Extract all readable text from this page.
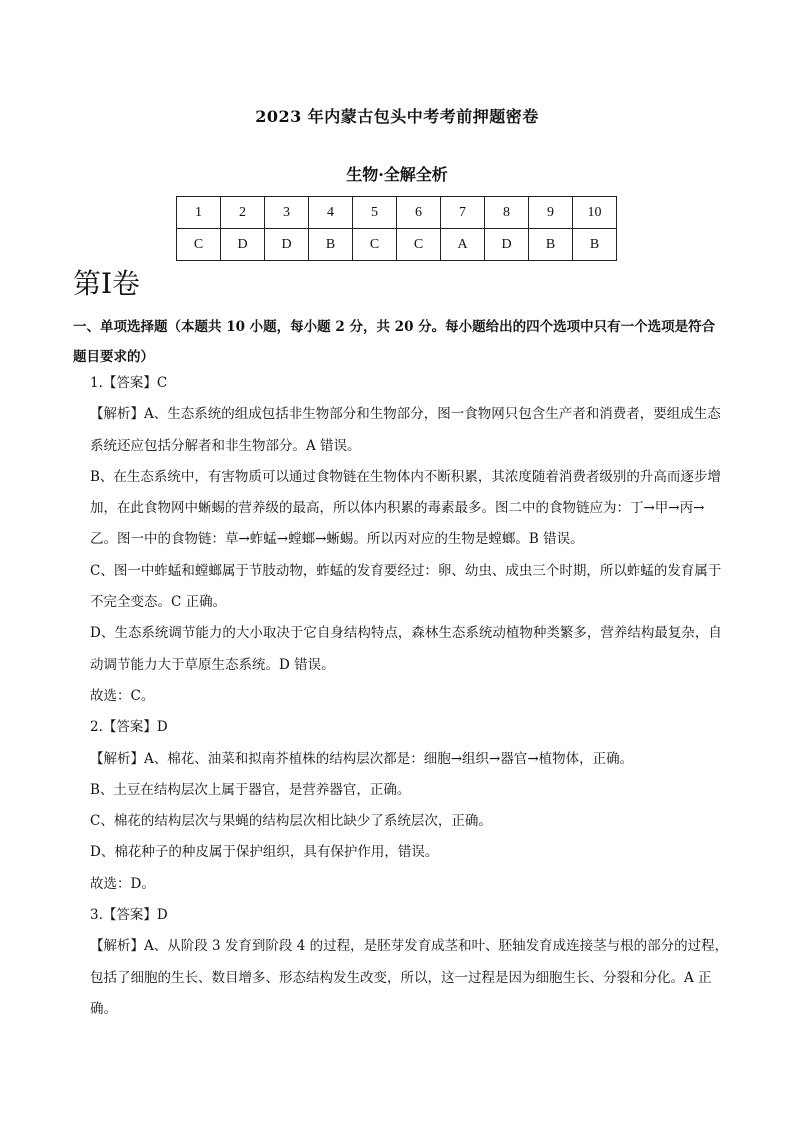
2023 年内蒙古包头中考考前押题密卷
生物·全解全析
1	2	3	4	5	6	7	8	9	10
C	D	D	B	C	C	A	D	B	B
第Ⅰ卷
一、单项选择题（本题共 10 小题，每小题 2 分，共 20 分。每小题给出的四个选项中只有一个选项是符合题目要求的）

1.【答案】C

【解析】A、生态系统的组成包括非生物部分和生物部分，图一食物网只包含生产者和消费者，要组成生态系统还应包括分解者和非生物部分。A 错误。

B、在生态系统中，有害物质可以通过食物链在生物体内不断积累，其浓度随着消费者级别的升高而逐步增加，在此食物网中蜥蜴的营养级的最高，所以体内积累的毒素最多。图二中的食物链应为：丁→甲→丙→乙。图一中的食物链：草→蚱蜢→螳螂→蜥蜴。所以丙对应的生物是螳螂。B 错误。

C、图一中蚱蜢和螳螂属于节肢动物，蚱蜢的发育要经过：卵、幼虫、成虫三个时期，所以蚱蜢的发育属于不完全变态。C 正确。

D、生态系统调节能力的大小取决于它自身结构特点，森林生态系统动植物种类繁多，营养结构最复杂，自动调节能力大于草原生态系统。D 错误。

故选：C。

2.【答案】D

【解析】A、棉花、油菜和拟南芥植株的结构层次都是：细胞→组织→器官→植物体，正确。

B、土豆在结构层次上属于器官，是营养器官，正确。

C、棉花的结构层次与果蝇的结构层次相比缺少了系统层次，正确。

D、棉花种子的种皮属于保护组织，具有保护作用，错误。

故选：D。

3.【答案】D

【解析】A、从阶段 3 发育到阶段 4 的过程，是胚芽发育成茎和叶、胚轴发育成连接茎与根的部分的过程，包括了细胞的生长、数目增多、形态结构发生改变，所以，这一过程是因为细胞生长、分裂和分化。A 正确。
